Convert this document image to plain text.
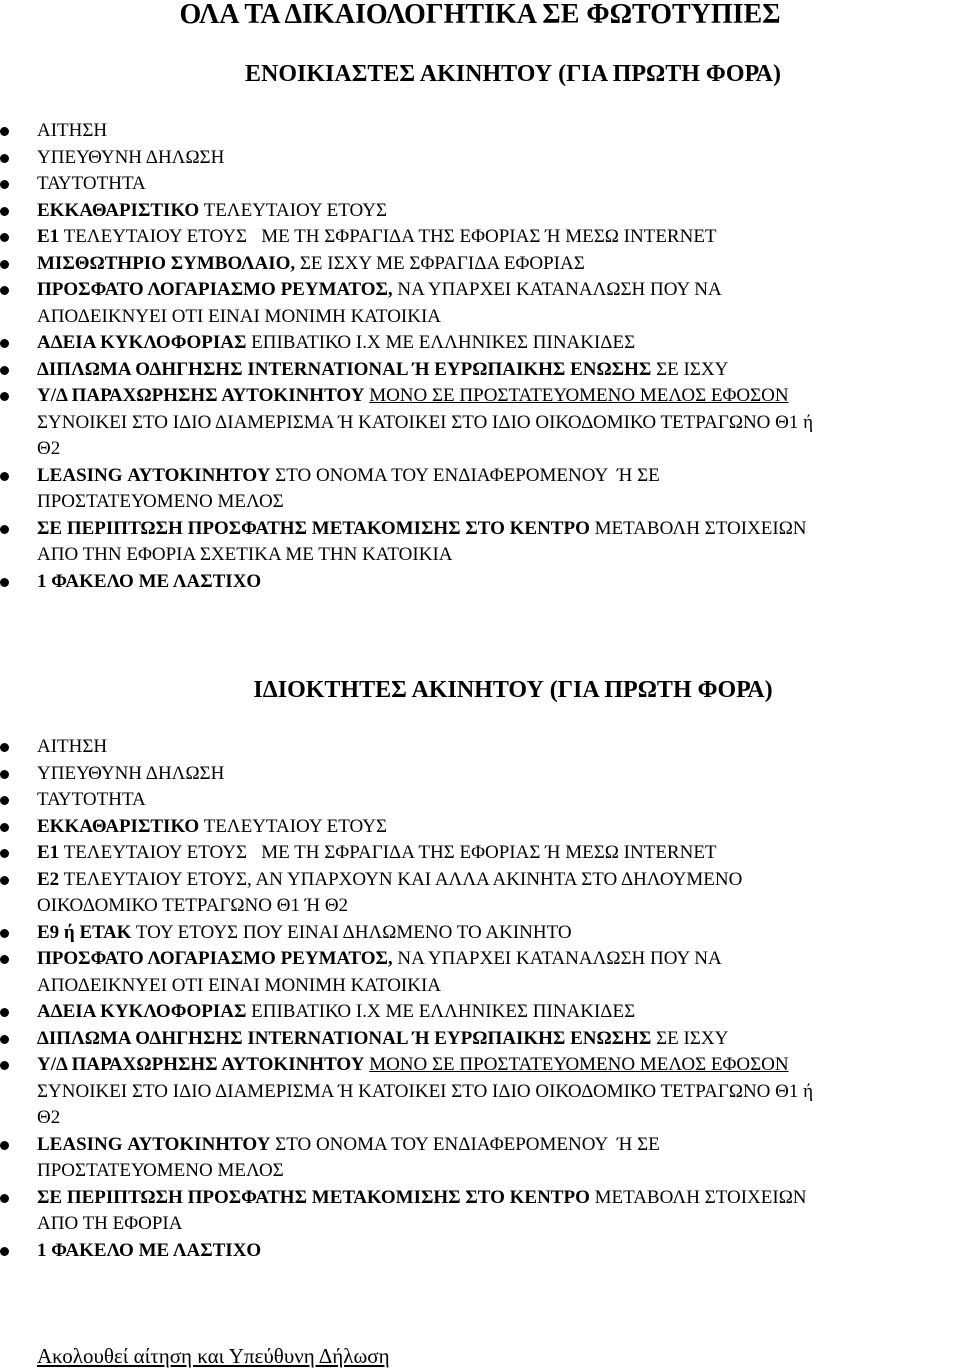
ΟΛΑ ΤΑ ΔΙΚΑΙΟΛΟΓΗΤΙΚΑ ΣΕ ΦΩΤΟΤΥΠΙΕΣ
ΕΝΟΙΚΙΑΣΤΕΣ ΑΚΙΝΗΤΟΥ (ΓΙΑ ΠΡΩΤΗ ΦΟΡΑ)
ΑΙΤΗΣΗ
ΥΠΕΥΘΥΝΗ ΔΗΛΩΣΗ
ΤΑΥΤΟΤΗΤΑ
ΕΚΚΑΘΑΡΙΣΤΙΚΟ ΤΕΛΕΥΤΑΙΟΥ ΕΤΟΥΣ
Ε1 ΤΕΛΕΥΤΑΙΟΥ ΕΤΟΥΣ   ΜΕ ΤΗ ΣΦΡΑΓΙΔΑ ΤΗΣ ΕΦΟΡΙΑΣ Ή ΜΕΣΩ INTERNET
ΜΙΣΘΩΤΗΡΙΟ ΣΥΜΒΟΛΑΙΟ, ΣΕ ΙΣΧΥ ΜΕ ΣΦΡΑΓΙΔΑ ΕΦΟΡΙΑΣ
ΠΡΟΣΦΑΤΟ ΛΟΓΑΡΙΑΣΜΟ ΡΕΥΜΑΤΟΣ, ΝΑ ΥΠΑΡΧΕΙ ΚΑΤΑΝΑΛΩΣΗ ΠΟΥ ΝΑ
ΑΠΟΔΕΙΚΝΥΕΙ ΟΤΙ ΕΙΝΑΙ ΜΟΝΙΜΗ ΚΑΤΟΙΚΙΑ
ΑΔΕΙΑ ΚΥΚΛΟΦΟΡΙΑΣ ΕΠΙΒΑΤΙΚΟ Ι.Χ ΜΕ ΕΛΛΗΝΙΚΕΣ ΠΙΝΑΚΙΔΕΣ
ΔΙΠΛΩΜΑ ΟΔΗΓΗΣΗΣ INTERNATIONAL Ή ΕΥΡΩΠΑΙΚΗΣ ΕΝΩΣΗΣ ΣΕ ΙΣΧΥ
Υ/Δ ΠΑΡΑΧΩΡΗΣΗΣ ΑΥΤΟΚΙΝΗΤΟΥ ΜΟΝΟ ΣΕ ΠΡΟΣΤΑΤΕΥΟΜΕΝΟ ΜΕΛΟΣ ΕΦΟΣΟΝ
ΣΥΝΟΙΚΕΙ ΣΤΟ ΙΔΙΟ ΔΙΑΜΕΡΙΣΜΑ Ή ΚΑΤΟΙΚΕΙ ΣΤΟ ΙΔΙΟ ΟΙΚΟΔΟΜΙΚΟ ΤΕΤΡΑΓΩΝΟ Θ1 ή
Θ2
LEASING ΑΥΤΟΚΙΝΗΤΟΥ ΣΤΟ ΟΝΟΜΑ ΤΟΥ ΕΝΔΙΑΦΕΡΟΜΕΝΟΥ  Ή ΣΕ
ΠΡΟΣΤΑΤΕΥΟΜΕΝΟ ΜΕΛΟΣ
ΣΕ ΠΕΡΙΠΤΩΣΗ ΠΡΟΣΦΑΤΗΣ ΜΕΤΑΚΟΜΙΣΗΣ ΣΤΟ ΚΕΝΤΡΟ ΜΕΤΑΒΟΛΗ ΣΤΟΙΧΕΙΩΝ
ΑΠΟ ΤΗΝ ΕΦΟΡΙΑ ΣΧΕΤΙΚΑ ΜΕ ΤΗΝ ΚΑΤΟΙΚΙΑ
1 ΦΑΚΕΛΟ ΜΕ ΛΑΣΤΙΧΟ
ΙΔΙΟΚΤΗΤΕΣ ΑΚΙΝΗΤΟΥ (ΓΙΑ ΠΡΩΤΗ ΦΟΡΑ)
ΑΙΤΗΣΗ
ΥΠΕΥΘΥΝΗ ΔΗΛΩΣΗ
ΤΑΥΤΟΤΗΤΑ
ΕΚΚΑΘΑΡΙΣΤΙΚΟ ΤΕΛΕΥΤΑΙΟΥ ΕΤΟΥΣ
Ε1 ΤΕΛΕΥΤΑΙΟΥ ΕΤΟΥΣ   ΜΕ ΤΗ ΣΦΡΑΓΙΔΑ ΤΗΣ ΕΦΟΡΙΑΣ Ή ΜΕΣΩ INTERNET
Ε2 ΤΕΛΕΥΤΑΙΟΥ ΕΤΟΥΣ, ΑΝ ΥΠΑΡΧΟΥΝ ΚΑΙ ΑΛΛΑ ΑΚΙΝΗΤΑ ΣΤΟ ΔΗΛΟΥΜΕΝΟ
ΟΙΚΟΔΟΜΙΚΟ ΤΕΤΡΑΓΩΝΟ Θ1 Ή Θ2
Ε9 ή ΕΤΑΚ ΤΟΥ ΕΤΟΥΣ ΠΟΥ ΕΙΝΑΙ ΔΗΛΩΜΕΝΟ ΤΟ ΑΚΙΝΗΤΟ
ΠΡΟΣΦΑΤΟ ΛΟΓΑΡΙΑΣΜΟ ΡΕΥΜΑΤΟΣ, ΝΑ ΥΠΑΡΧΕΙ ΚΑΤΑΝΑΛΩΣΗ ΠΟΥ ΝΑ
ΑΠΟΔΕΙΚΝΥΕΙ ΟΤΙ ΕΙΝΑΙ ΜΟΝΙΜΗ ΚΑΤΟΙΚΙΑ
ΑΔΕΙΑ ΚΥΚΛΟΦΟΡΙΑΣ ΕΠΙΒΑΤΙΚΟ Ι.Χ ΜΕ ΕΛΛΗΝΙΚΕΣ ΠΙΝΑΚΙΔΕΣ
ΔΙΠΛΩΜΑ ΟΔΗΓΗΣΗΣ INTERNATIONAL Ή ΕΥΡΩΠΑΙΚΗΣ ΕΝΩΣΗΣ ΣΕ ΙΣΧΥ
Υ/Δ ΠΑΡΑΧΩΡΗΣΗΣ ΑΥΤΟΚΙΝΗΤΟΥ ΜΟΝΟ ΣΕ ΠΡΟΣΤΑΤΕΥΟΜΕΝΟ ΜΕΛΟΣ ΕΦΟΣΟΝ
ΣΥΝΟΙΚΕΙ ΣΤΟ ΙΔΙΟ ΔΙΑΜΕΡΙΣΜΑ Ή ΚΑΤΟΙΚΕΙ ΣΤΟ ΙΔΙΟ ΟΙΚΟΔΟΜΙΚΟ ΤΕΤΡΑΓΩΝΟ Θ1 ή
Θ2
LEASING ΑΥΤΟΚΙΝΗΤΟΥ ΣΤΟ ΟΝΟΜΑ ΤΟΥ ΕΝΔΙΑΦΕΡΟΜΕΝΟΥ  Ή ΣΕ
ΠΡΟΣΤΑΤΕΥΟΜΕΝΟ ΜΕΛΟΣ
ΣΕ ΠΕΡΙΠΤΩΣΗ ΠΡΟΣΦΑΤΗΣ ΜΕΤΑΚΟΜΙΣΗΣ ΣΤΟ ΚΕΝΤΡΟ ΜΕΤΑΒΟΛΗ ΣΤΟΙΧΕΙΩΝ
ΑΠΟ ΤΗ ΕΦΟΡΙΑ
1 ΦΑΚΕΛΟ ΜΕ ΛΑΣΤΙΧΟ
Ακολουθεί αίτηση και Υπεύθυνη Δήλωση
